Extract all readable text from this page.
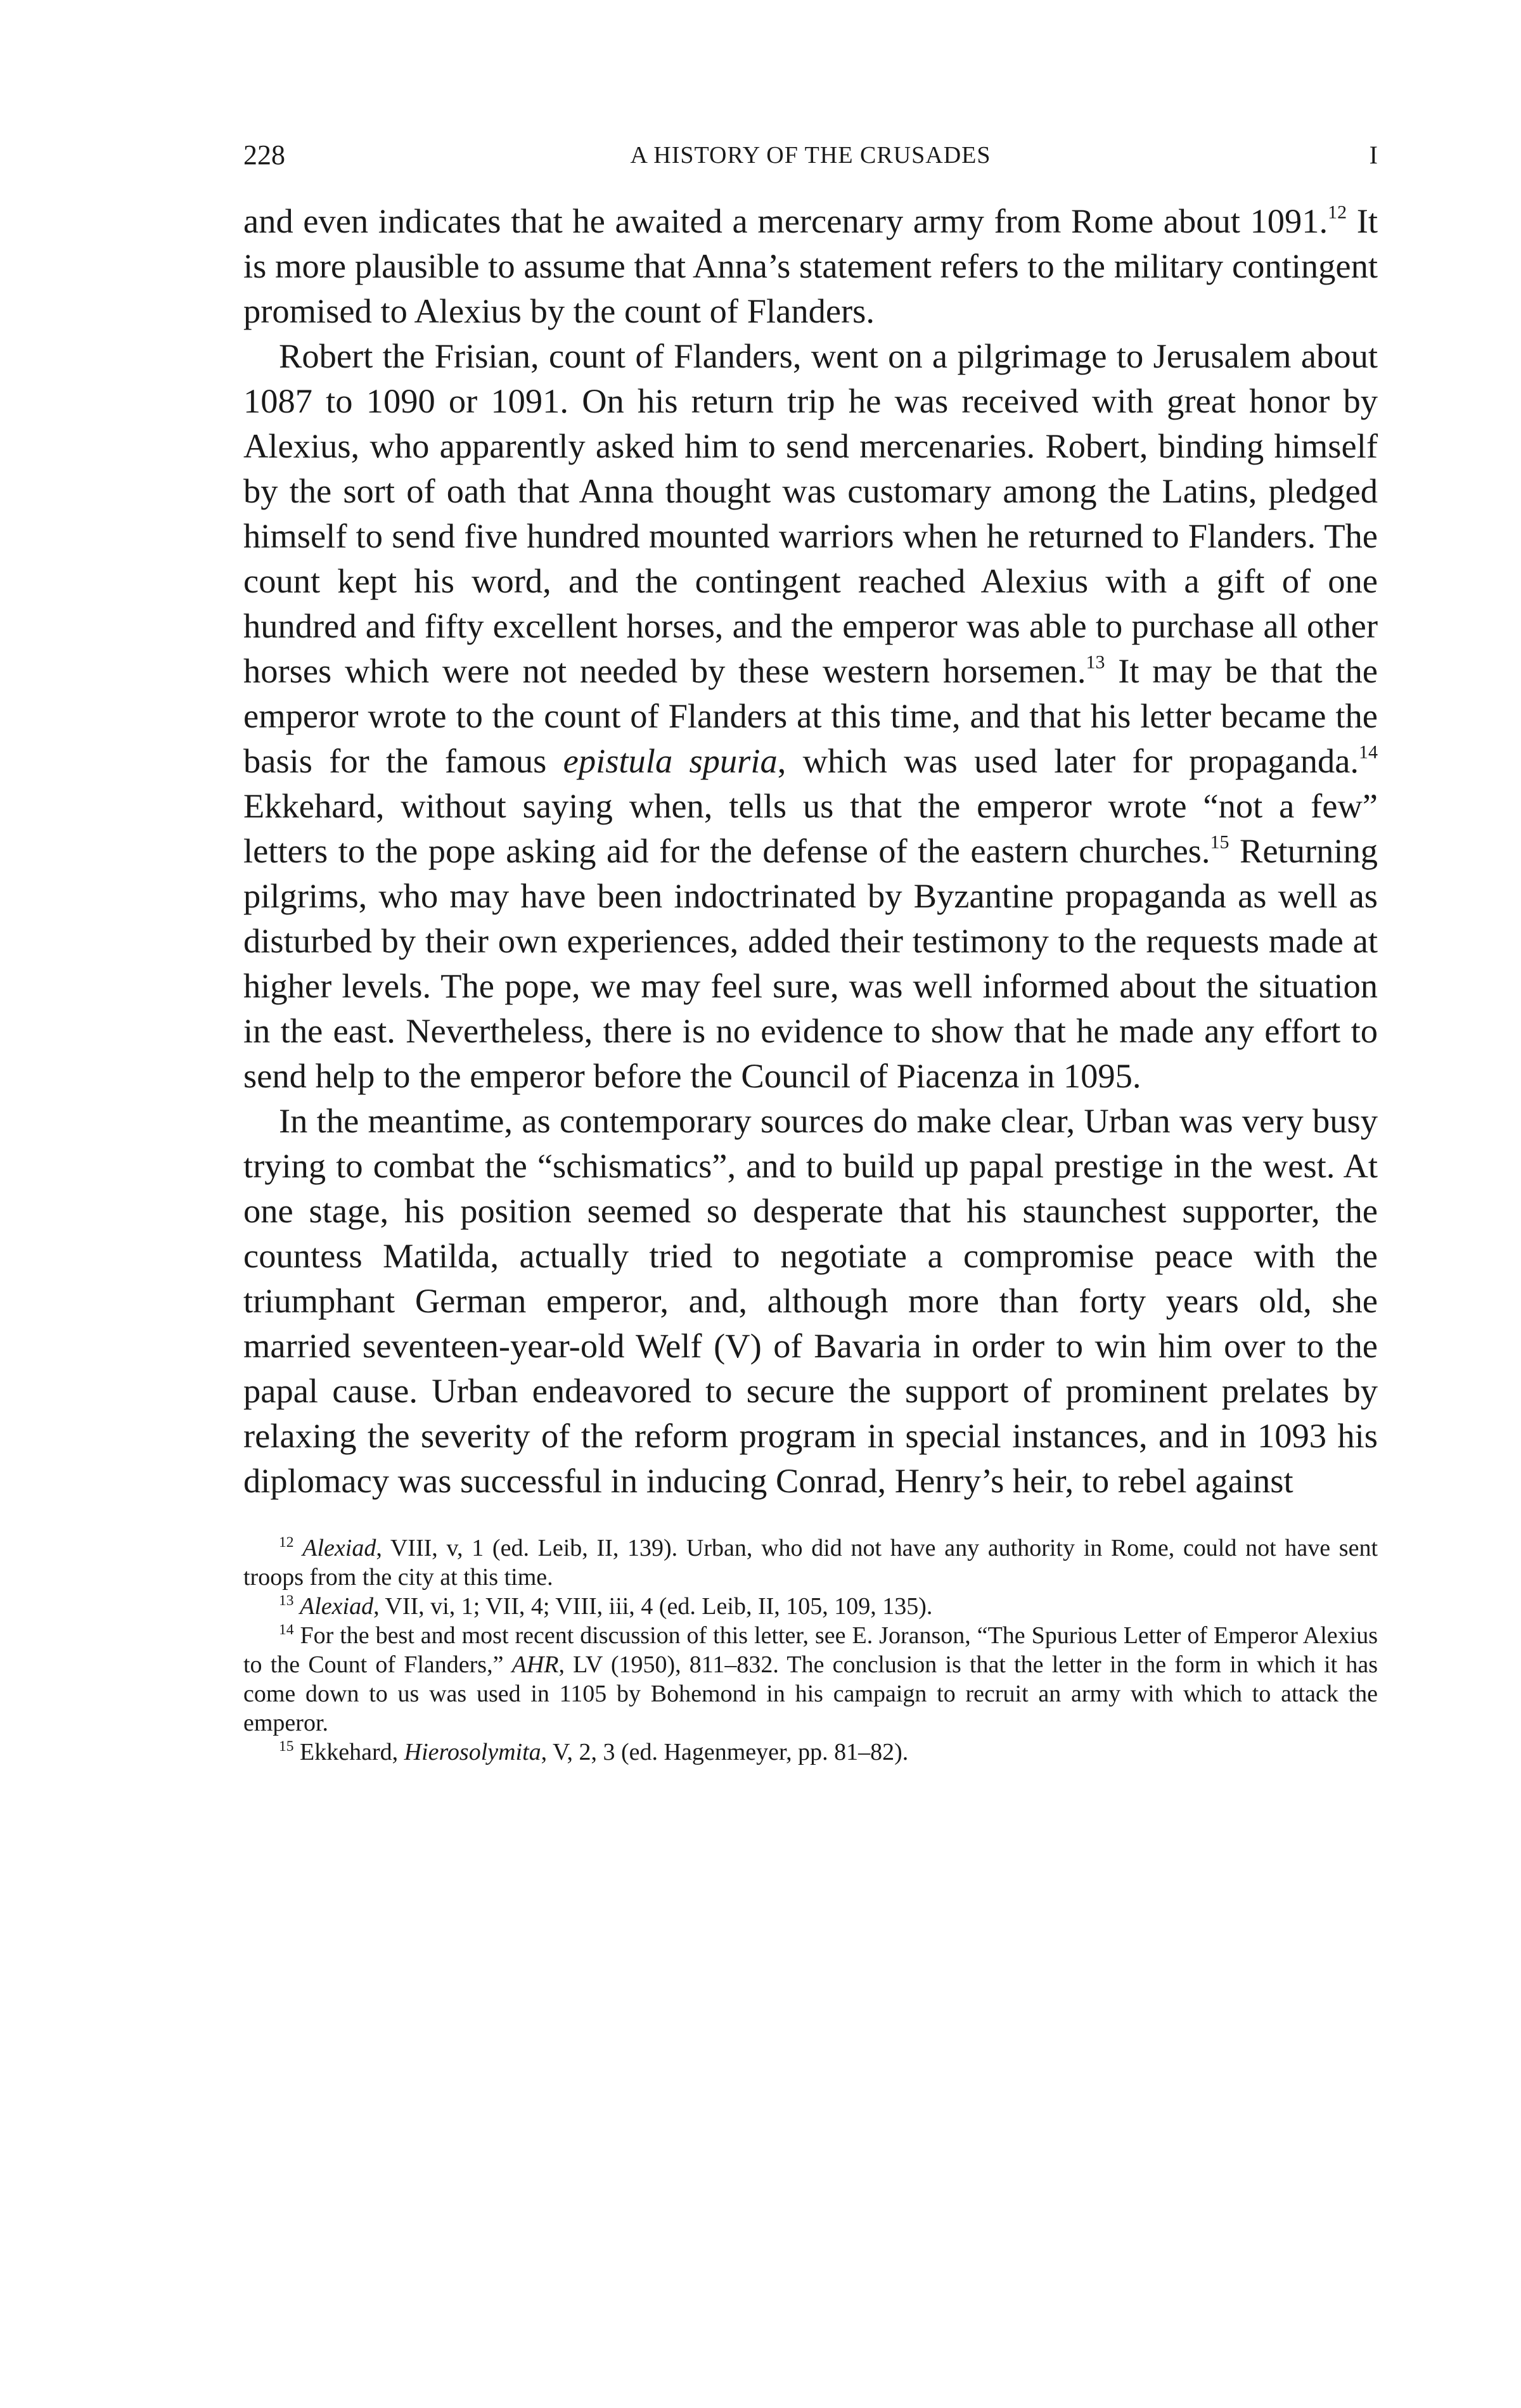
228	A HISTORY OF THE CRUSADES	I

and even indicates that he awaited a mercenary army from Rome about 1091.12 It is more plausible to assume that Anna’s statement refers to the military contingent promised to Alexius by the count of Flanders.

Robert the Frisian, count of Flanders, went on a pilgrimage to Jerusalem about 1087 to 1090 or 1091. On his return trip he was received with great honor by Alexius, who apparently asked him to send mercenaries. Robert, binding himself by the sort of oath that Anna thought was customary among the Latins, pledged himself to send five hundred mounted warriors when he returned to Flanders. The count kept his word, and the contingent reached Alexius with a gift of one hundred and fifty excellent horses, and the emperor was able to purchase all other horses which were not needed by these western horsemen.$^{13}$ It may be that the emperor wrote to the count of Flanders at this time, and that his letter became the basis for the famous epistula spuria, which was used later for propaganda.$^{14}$ Ekkehard, without saying when, tells us that the emperor wrote “not a few” letters to the pope asking aid for the defense of the eastern churches.$^{15}$ Returning pilgrims, who may have been indoctrinated by Byzantine propaganda as well as disturbed by their own experiences, added their testimony to the requests made at higher levels. The pope, we may feel sure, was well informed about the situation in the east. Nevertheless, there is no evidence to show that he made any effort to send help to the emperor before the Council of Piacenza in 1095.

In the meantime, as contemporary sources do make clear, Urban was very busy trying to combat the “schismatics”, and to build up papal prestige in the west. At one stage, his position seemed so desperate that his staunchest supporter, the countess Matilda, actually tried to negotiate a compromise peace with the triumphant German emperor, and, although more than forty years old, she married seventeen-year-old Welf (V) of Bavaria in order to win him over to the papal cause. Urban endeavored to secure the support of prominent prelates by relaxing the severity of the reform program in special instances, and in 1093 his diplomacy was successful in inducing Conrad, Henry’s heir, to rebel against

$^{12}$ Alexiad, VIII, v, 1 (ed. Leib, II, 139). Urban, who did not have any authority in Rome, could not have sent troops from the city at this time.

$^{13}$ Alexiad, VII, vi, 1; VII, 4; VIII, iii, 4 (ed. Leib, II, 105, 109, 135).

$^{14}$ For the best and most recent discussion of this letter, see E. Joranson, “The Spurious Letter of Emperor Alexius to the Count of Flanders,” AHR, LV (1950), 811–832. The conclusion is that the letter in the form in which it has come down to us was used in 1105 by Bohemond in his campaign to recruit an army with which to attack the emperor.

$^{15}$ Ekkehard, Hierosolymita, V, 2, 3 (ed. Hagenmeyer, pp. 81–82).
